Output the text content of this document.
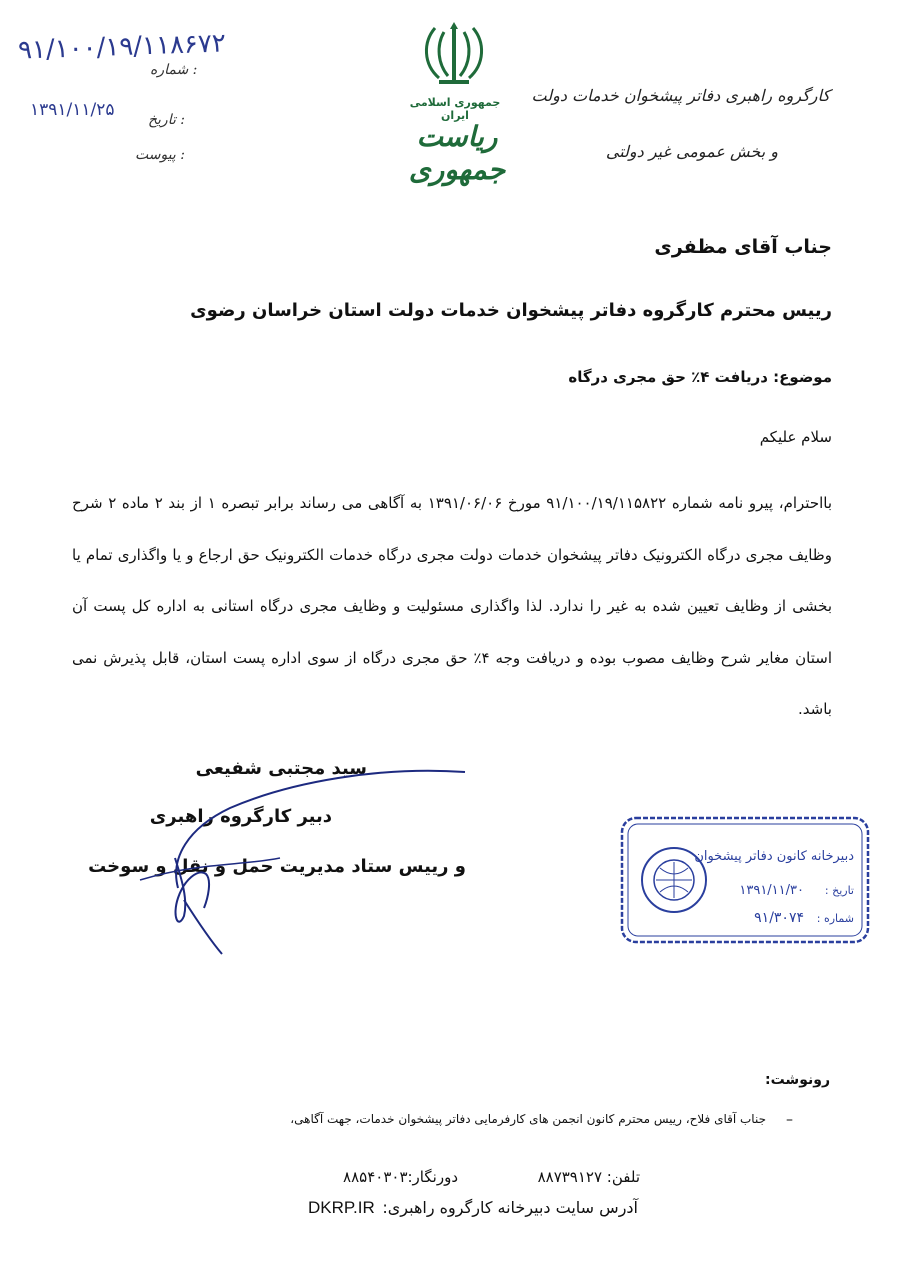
۹۱/۱۰۰/۱۹/۱۱۸۶۷۲
شماره :
۱۳۹۱/۱۱/۲۵ تاریخ :
پیوست :
جمهوری اسلامی ایران
ریاست جمهوری
کارگروه راهبری دفاتر پیشخوان خدمات دولت
و بخش عمومی غیر دولتی
جناب آقای مظفری
رییس محترم کارگروه دفاتر پیشخوان خدمات دولت استان خراسان رضوی
موضوع: دریافت ۴٪ حق مجری درگاه
سلام علیکم
بااحترام، پیرو نامه شماره ۹۱/۱۰۰/۱۹/۱۱۵۸۲۲ مورخ ۱۳۹۱/۰۶/۰۶ به آگاهی می رساند برابر تبصره ۱ از بند ۲ ماده ۲ شرح وظایف مجری درگاه الکترونیک دفاتر پیشخوان خدمات دولت مجری درگاه خدمات الکترونیک حق ارجاع و یا واگذاری تمام یا بخشی از وظایف تعیین شده به غیر را ندارد. لذا واگذاری مسئولیت و وظایف مجری درگاه استانی به اداره کل پست آن استان مغایر شرح وظایف مصوب بوده و دریافت وجه ۴٪ حق مجری درگاه از سوی اداره پست استان، قابل پذیرش نمی باشد.
سید مجتبی شفیعی
دبیر کارگروه راهبری
و رییس ستاد مدیریت حمل و نقل و سوخت	دبیرخانه کانون دفاتر پیشخوان
تاریخ :
۱۳۹۱/۱۱/۳۰
شماره :
۹۱/۳۰۷۴
رونوشت:
–
جناب آقای فلاح، رییس محترم کانون انجمن های کارفرمایی دفاتر پیشخوان خدمات، جهت آگاهی،
تلفن: ۸۸۷۳۹۱۲۷
دورنگار:۸۸۵۴۰۳۰۳
آدرس سایت دبیرخانه کارگروه راهبری:
DKRP.IR
